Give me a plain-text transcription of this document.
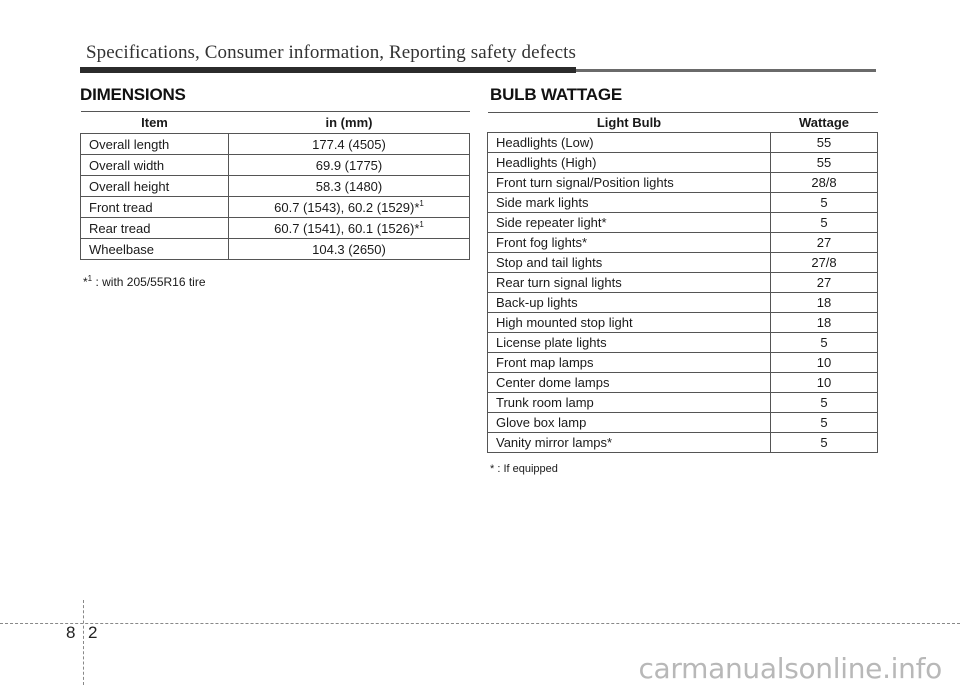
Specifications, Consumer information, Reporting safety defects
DIMENSIONS
Item	in (mm)
Overall length	177.4 (4505)
Overall width	69.9 (1775)
Overall height	58.3 (1480)
Front tread	60.7 (1543), 60.2 (1529)*$^1$
Rear tread	60.7 (1541), 60.1 (1526)*$^1$
Wheelbase	104.3 (2650)
*$^1$ : with 205/55R16 tire
BULB WATTAGE
Light Bulb	Wattage
Headlights (Low)	55
Headlights (High)	55
Front turn signal/Position lights	28/8
Side mark lights	5
Side repeater light*	5
Front fog lights*	27
Stop and tail lights	27/8
Rear turn signal lights	27
Back-up lights	18
High mounted stop light	18
License plate lights	5
Front map lamps	10
Center dome lamps	10
Trunk room lamp	5
Glove box lamp	5
Vanity mirror lamps*	5
* : If equipped
8 2
carmanualsonline.info
